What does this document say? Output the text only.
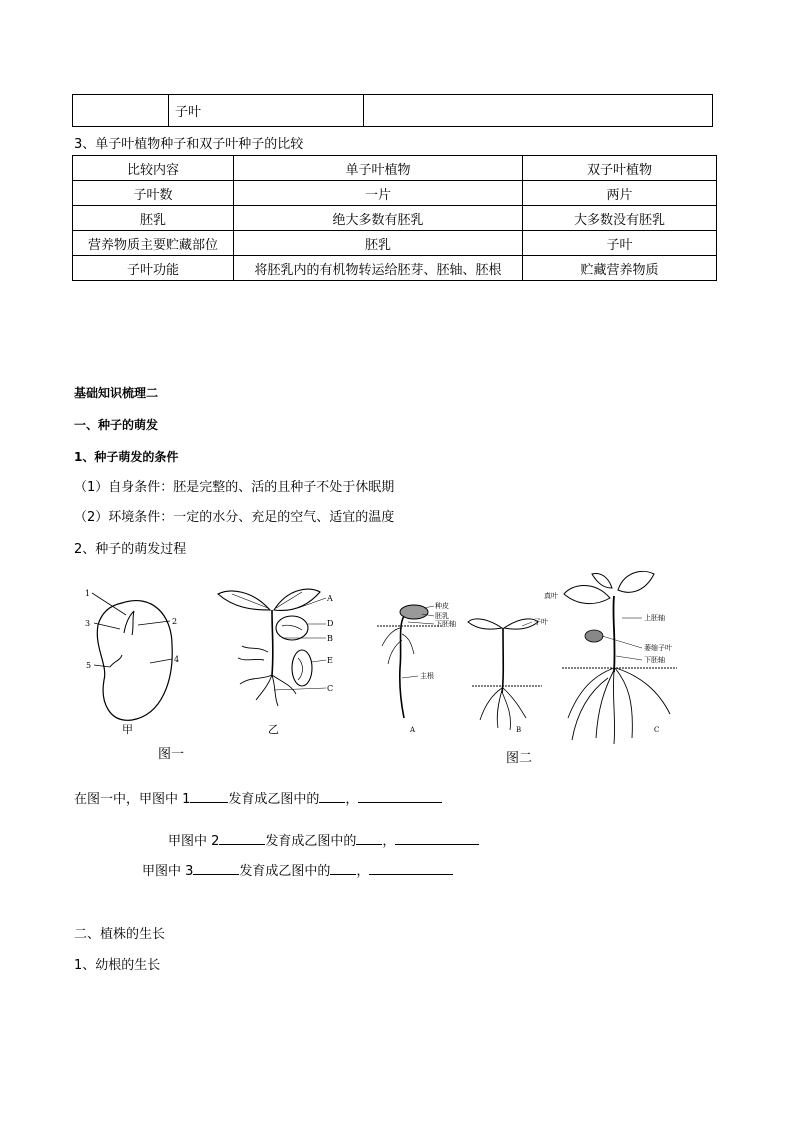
	子叶	
3、单子叶植物种子和双子叶种子的比较
比较内容	单子叶植物	双子叶植物
子叶数	一片	两片
胚乳	绝大多数有胚乳	大多数没有胚乳
营养物质主要贮藏部位	胚乳	子叶
子叶功能	将胚乳内的有机物转运给胚芽、胚轴、胚根	贮藏营养物质
基础知识梳理二
一、种子的萌发
1、种子萌发的条件
（1）自身条件：胚是完整的、活的且种子不处于休眠期
（2）环境条件：一定的水分、充足的空气、适宜的温度
2、种子的萌发过程
1
2
3
4
5
甲
A
D
B
E
C
乙
图一
种皮
胚乳
下胚轴	子叶
主根
真叶
上胚轴
萎缩子叶
下胚轴
A	B	C
图二
在图一中，甲图中 1	发育成乙图中的 ，
甲图中 2	发育成乙图中的 ，
甲图中 3	发育成乙图中的 ，
二、植株的生长
1、幼根的生长
